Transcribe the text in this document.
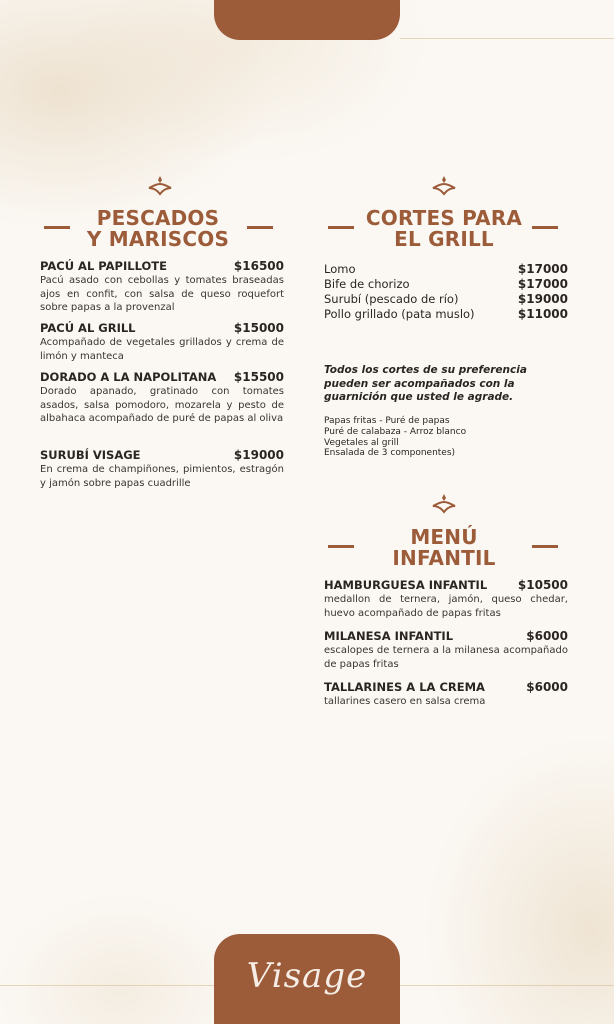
PESCADOS
Y MARISCOS
PACÚ AL PAPILLOTE	$16500
Pacú asado con cebollas y tomates braseadas ajos en confit, con salsa de queso roquefort sobre papas a la provenzal
PACÚ AL GRILL	$15000
Acompañado de vegetales grillados y crema de limón y manteca
DORADO A LA NAPOLITANA $15500
Dorado apanado, gratinado con tomates asados, salsa pomodoro, mozarela y pesto de albahaca acompañado de puré de papas al oliva
SURUBÍ VISAGE	$19000
En crema de champiñones, pimientos, estragón y jamón sobre papas cuadrille
CORTES PARA
EL GRILL
Lomo	$17000
Bife de chorizo	$17000
Surubí (pescado de río)	$19000
Pollo grillado (pata muslo)	$11000
Todos los cortes de su preferencia pueden ser acompañados con la guarnición que usted le agrade.
Papas fritas - Puré de papas
Puré de calabaza - Arroz blanco
Vegetales al grill
Ensalada de 3 componentes)
MENÚ
INFANTIL
HAMBURGUESA INFANTIL	$10500
medallon de ternera, jamón, queso chedar, huevo acompañado de papas fritas
MILANESA INFANTIL	$6000
escalopes de ternera a la milanesa acompañado de papas fritas
TALLARINES A LA CREMA	$6000
tallarines casero en salsa crema
Visage
